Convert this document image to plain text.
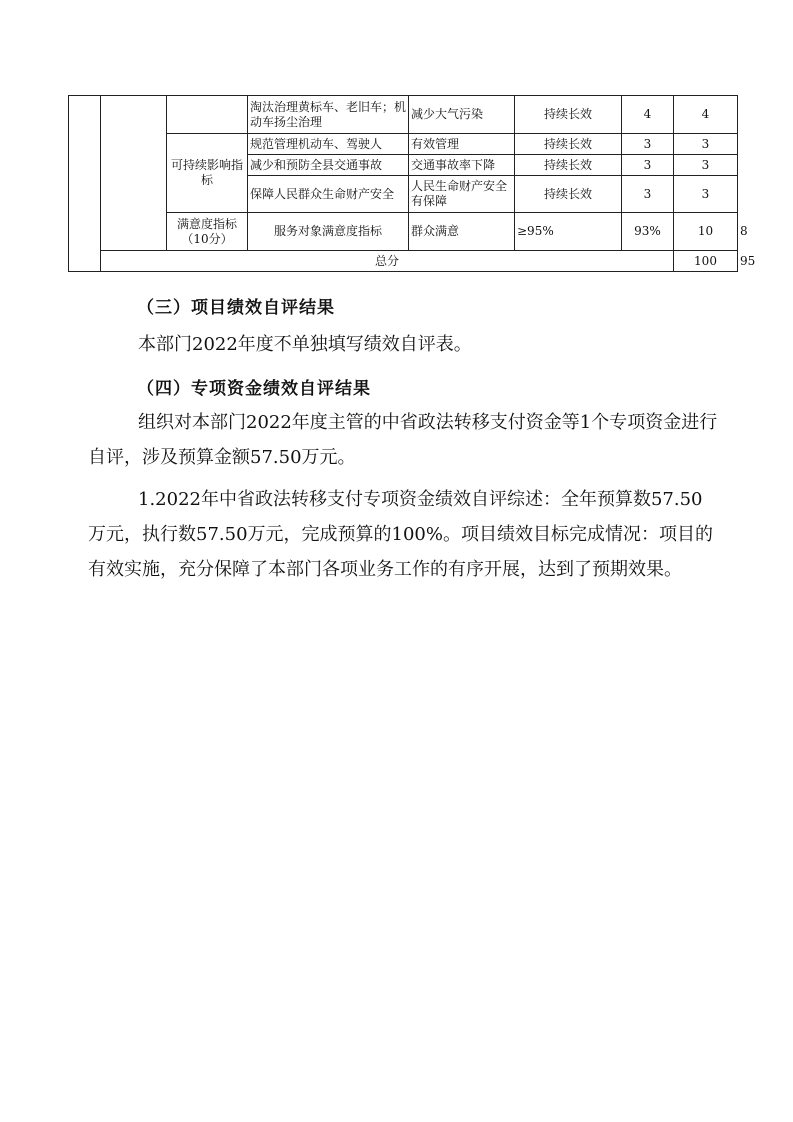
			淘汰治理黄标车、老旧车；机动车扬尘治理	减少大气污染	持续长效	4	4	
		可持续影响指标	规范管理机动车、驾驶人	有效管理	持续长效	3	3	
			减少和预防全县交通事故	交通事故率下降	持续长效	3	3	
			保障人民群众生命财产安全	人民生命财产安全有保障	持续长效	3	3	
		满意度指标（10分）	服务对象满意度指标	群众满意	≥95%	93%	10	8
	总分						100	95
（三）项目绩效自评结果

本部门2022年度不单独填写绩效自评表。

（四）专项资金绩效自评结果

组织对本部门2022年度主管的中省政法转移支付资金等1个专项资金进行自评，涉及预算金额57.50万元。

1.2022年中省政法转移支付专项资金绩效自评综述：全年预算数57.50万元，执行数57.50万元，完成预算的100%。项目绩效目标完成情况：项目的有效实施，充分保障了本部门各项业务工作的有序开展，达到了预期效果。
